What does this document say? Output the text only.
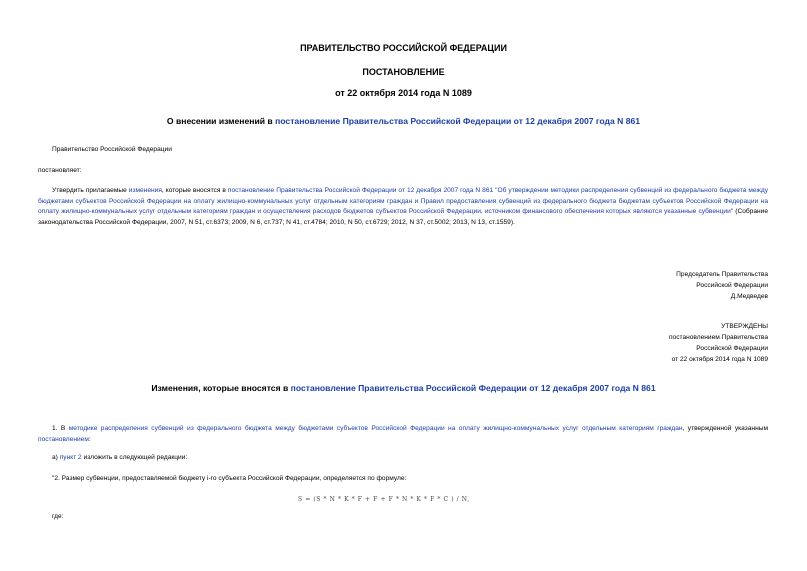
ПРАВИТЕЛЬСТВО РОССИЙСКОЙ ФЕДЕРАЦИИ
ПОСТАНОВЛЕНИЕ
от 22 октября 2014 года N 1089
О внесении изменений в постановление Правительства Российской Федерации от 12 декабря 2007 года N 861
Правительство Российской Федерации
постановляет:
Утвердить прилагаемые изменения, которые вносятся в постановление Правительства Российской Федерации от 12 декабря 2007 года N 861 "Об утверждении методики распределения субвенций из федерального бюджета между бюджетами субъектов Российской Федерации на оплату жилищно-коммунальных услуг отдельным категориям граждан и Правил предоставления субвенций из федерального бюджета бюджетам субъектов Российской Федерации на оплату жилищно-коммунальных услуг отдельным категориям граждан и осуществления расходов бюджетов субъектов Российской Федерации, источником финансового обеспечения которых являются указанные субвенции" (Собрание законодательства Российской Федерации, 2007, N 51, ст.6373; 2009, N 6, ст.737; N 41, ст.4784; 2010, N 50, ст.6729; 2012, N 37, ст.5002; 2013, N 13, ст.1559).
Председатель Правительства
Российской Федерации
Д.Медведев
УТВЕРЖДЕНЫ
постановлением Правительства
Российской Федерации
от 22 октября 2014 года N 1089
Изменения, которые вносятся в постановление Правительства Российской Федерации от 12 декабря 2007 года N 861
1. В методике распределения субвенций из федерального бюджета между бюджетами субъектов Российской Федерации на оплату жилищно-коммунальных услуг отдельным категориям граждан, утвержденной указанным постановлением:
а) пункт 2 изложить в следующей редакции:
"2. Размер субвенции, предоставляемой бюджету i-го субъекта Российской Федерации, определяется по формуле:
S = (S * N * K * F + F + F * N * K * F * C ) / N,
где:
